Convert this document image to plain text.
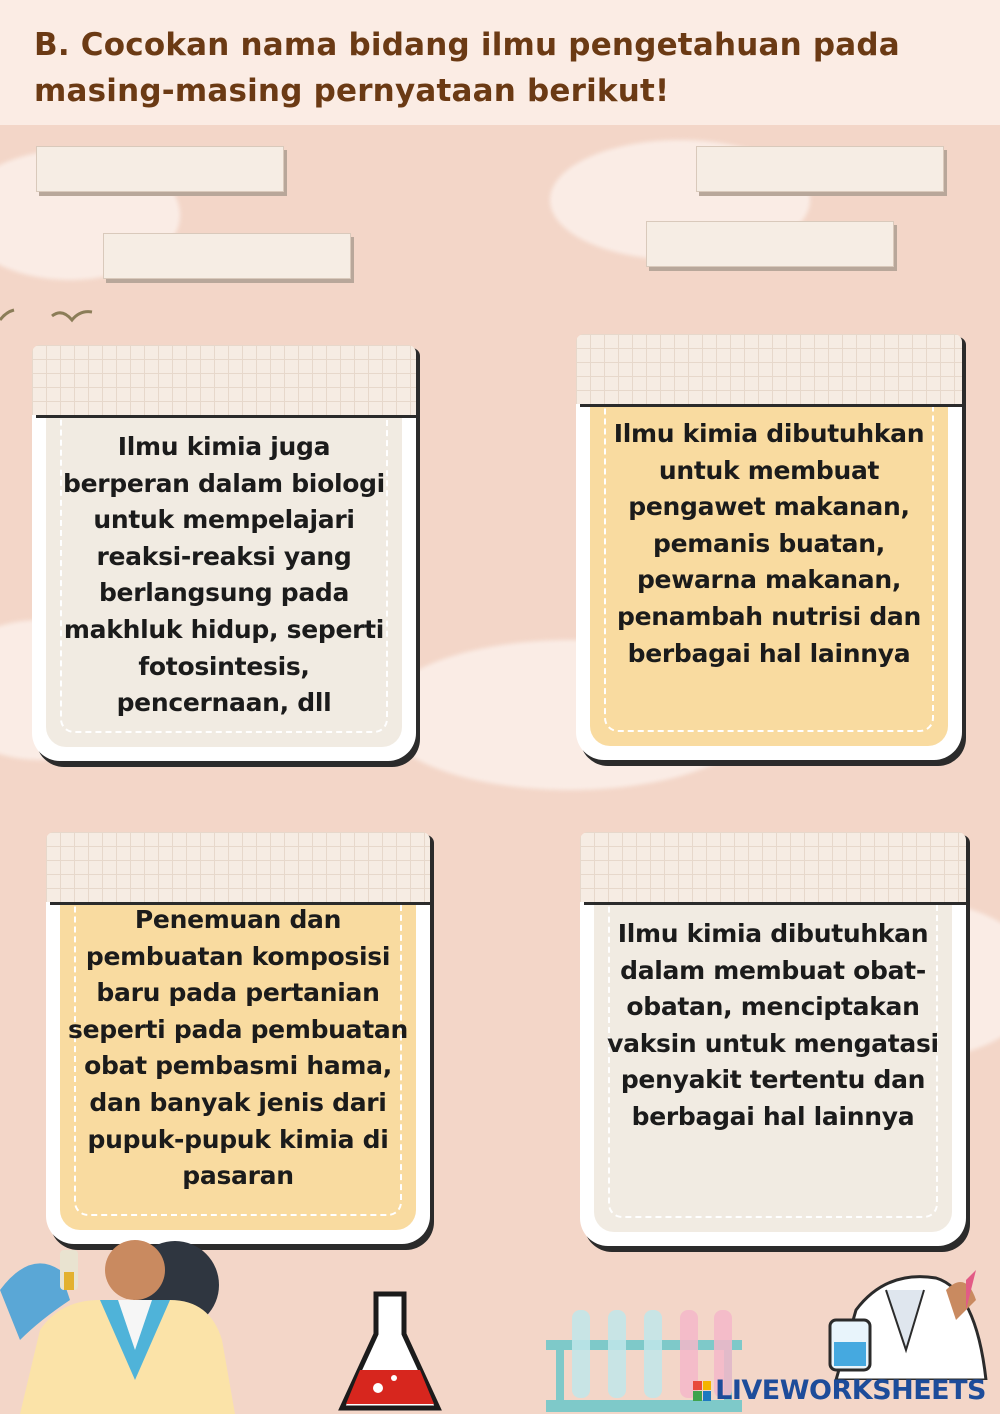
B. Cocokan nama bidang ilmu pengetahuan pada masing-masing pernyataan berikut!
Ilmu kimia juga berperan dalam biologi untuk mempelajari reaksi-reaksi yang berlangsung pada makhluk hidup, seperti fotosintesis, pencernaan, dll
Ilmu kimia dibutuhkan untuk membuat pengawet makanan, pemanis buatan, pewarna makanan, penambah nutrisi dan berbagai hal lainnya
Penemuan dan pembuatan komposisi baru pada pertanian seperti pada pembuatan obat pembasmi hama, dan banyak jenis dari pupuk-pupuk kimia di pasaran
Ilmu kimia dibutuhkan dalam membuat obat-obatan, menciptakan vaksin untuk mengatasi penyakit tertentu dan berbagai hal lainnya
LIVEWORKSHEETS
